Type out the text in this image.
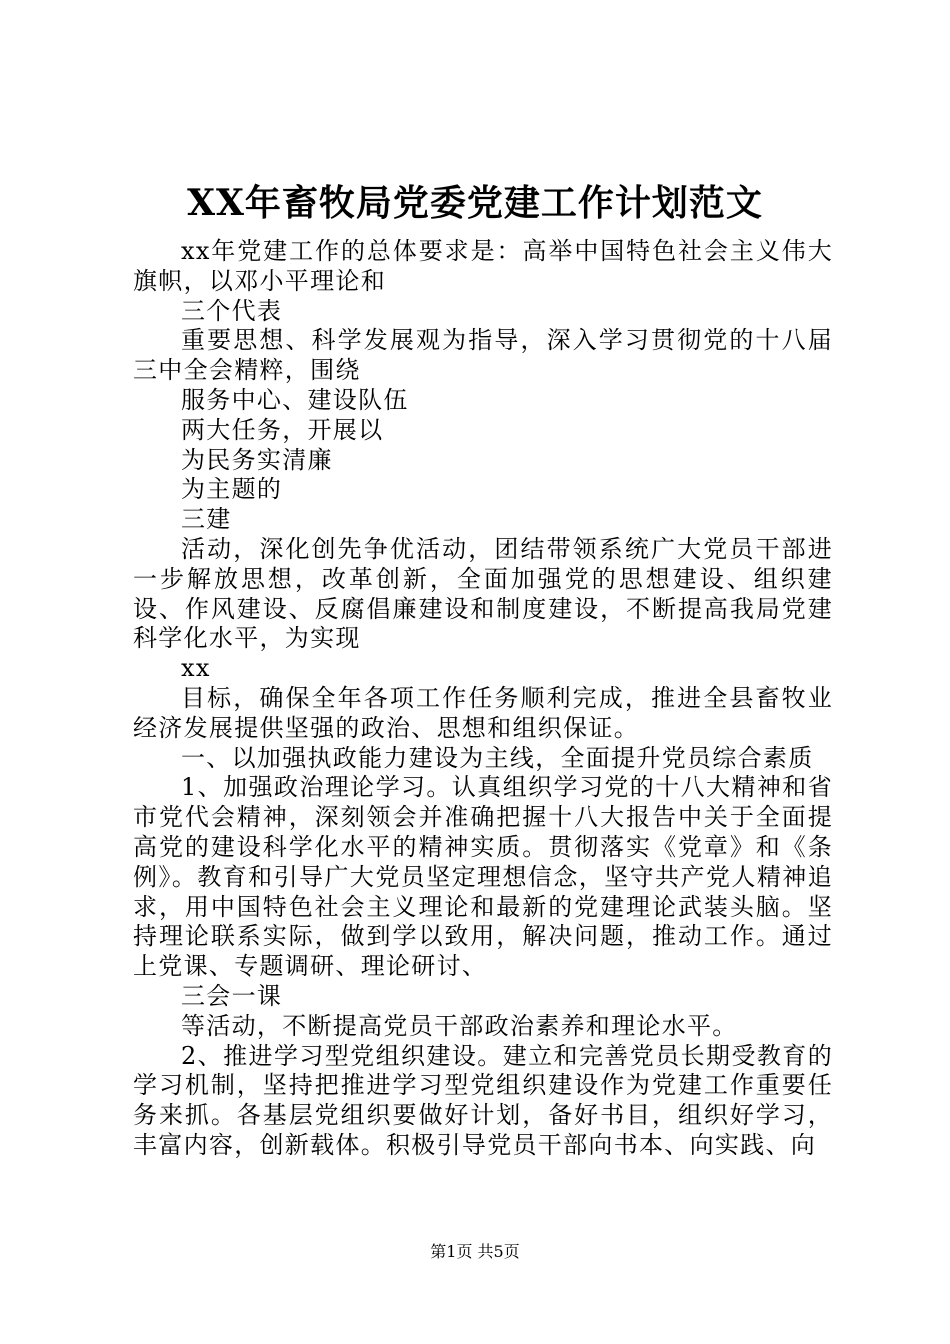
XX年畜牧局党委党建工作计划范文

xx年党建工作的总体要求是：高举中国特色社会主义伟大旗帜，以邓小平理论和

三个代表

重要思想、科学发展观为指导，深入学习贯彻党的十八届三中全会精粹，围绕

服务中心、建设队伍

两大任务，开展以

为民务实清廉

为主题的

三建

活动，深化创先争优活动，团结带领系统广大党员干部进一步解放思想，改革创新，全面加强党的思想建设、组织建设、作风建设、反腐倡廉建设和制度建设，不断提高我局党建科学化水平，为实现

xx

目标，确保全年各项工作任务顺利完成，推进全县畜牧业经济发展提供坚强的政治、思想和组织保证。

一、以加强执政能力建设为主线，全面提升党员综合素质

1、加强政治理论学习。认真组织学习党的十八大精神和省市党代会精神，深刻领会并准确把握十八大报告中关于全面提高党的建设科学化水平的精神实质。贯彻落实《党章》和《条例》。教育和引导广大党员坚定理想信念，坚守共产党人精神追求，用中国特色社会主义理论和最新的党建理论武装头脑。坚持理论联系实际，做到学以致用，解决问题，推动工作。通过上党课、专题调研、理论研讨、

三会一课

等活动，不断提高党员干部政治素养和理论水平。

2、推进学习型党组织建设。建立和完善党员长期受教育的学习机制，坚持把推进学习型党组织建设作为党建工作重要任务来抓。各基层党组织要做好计划，备好书目，组织好学习，丰富内容，创新载体。积极引导党员干部向书本、向实践、向

第1页 共5页
